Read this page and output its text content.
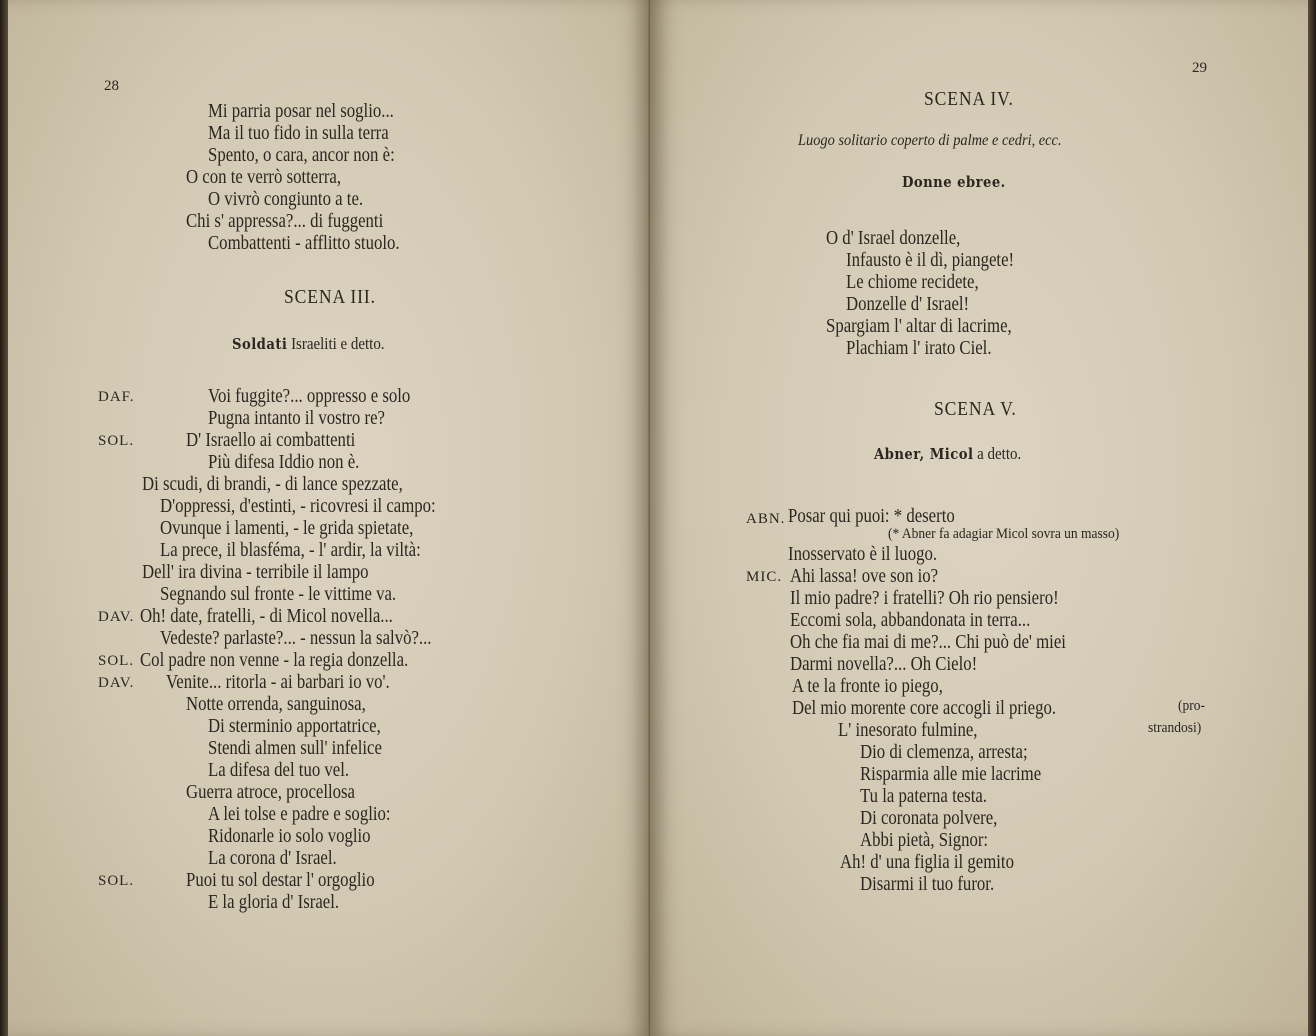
28
Mi parria posar nel soglio...
Ma il tuo fido in sulla terra
Spento, o cara, ancor non è:
O con te verrò sotterra,
O vivrò congiunto a te.
Chi s' appressa?... di fuggenti
Combattenti - afflitto stuolo.
SCENA III.
Soldati Israeliti e detto.
DAF.	Voi fuggite?... oppresso e solo
Pugna intanto il vostro re?
SOL.	D' Israello ai combattenti
Più difesa Iddio non è.
Di scudi, di brandi, - di lance spezzate,
D'oppressi, d'estinti, - ricovresi il campo:
Ovunque i lamenti, - le grida spietate,
La prece, il blasféma, - l' ardir, la viltà:
Dell' ira divina - terribile il lampo
Segnando sul fronte - le vittime va.
DAV. Oh! date, fratelli, - di Micol novella...
Vedeste? parlaste?... - nessun la salvò?...
SOL. Col padre non venne - la regia donzella.
DAV. Venite... ritorla - ai barbari io vo'.
Notte orrenda, sanguinosa,
Di sterminio apportatrice,
Stendi almen sull' infelice
La difesa del tuo vel.
Guerra atroce, procellosa
A lei tolse e padre e soglio:
Ridonarle io solo voglio
La corona d' Israel.
SOL.	Puoi tu sol destar l' orgoglio
E la gloria d' Israel.
29
SCENA IV.
Luogo solitario coperto di palme e cedri, ecc.
Donne ebree.
O d' Israel donzelle,
Infausto è il dì, piangete!
Le chiome recidete,
Donzelle d' Israel!
Spargiam l' altar di lacrime,
Plachiam l' irato Ciel.
SCENA V.
Abner, Micol a detto.
ABN. Posar qui puoi: * deserto
(* Abner fa adagiar Micol sovra un masso)
Inosservato è il luogo.
MIC. Ahi lassa! ove son io?
Il mio padre? i fratelli? Oh rio pensiero!
Eccomi sola, abbandonata in terra...
Oh che fia mai di me?... Chi può de' miei
Darmi novella?... Oh Cielo!
A te la fronte io piego,
Del mio morente core accogli il priego.	(pro-
L' inesorato fulmine,	strandosi)
Dio di clemenza, arresta;
Risparmia alle mie lacrime
Tu la paterna testa.
Di coronata polvere,
Abbi pietà, Signor:
Ah! d' una figlia il gemito
Disarmi il tuo furor.
